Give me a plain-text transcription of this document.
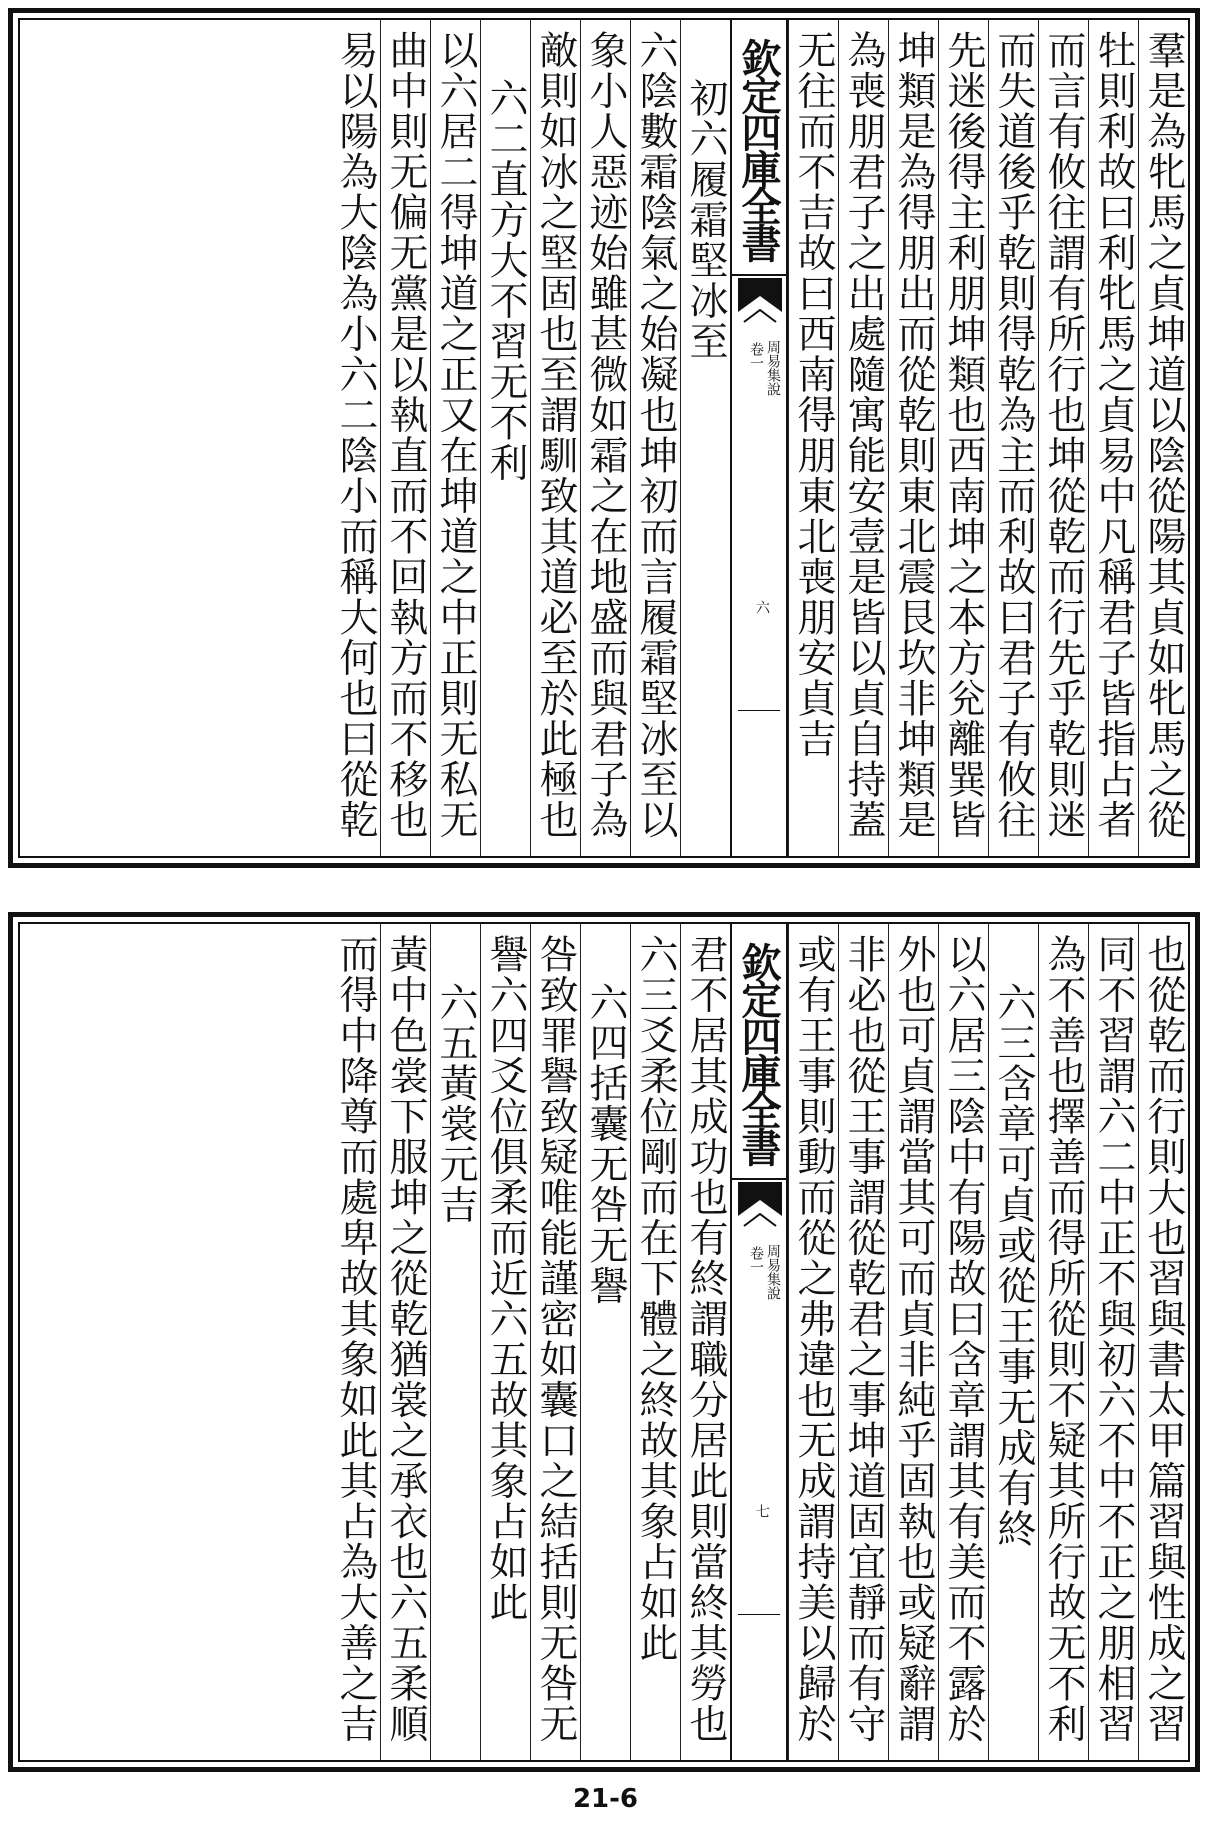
羣是為牝馬之貞坤道以陰從陽其貞如牝馬之從
牡則利故曰利牝馬之貞易中凡稱君子皆指占者
而言有攸往謂有所行也坤從乾而行先乎乾則迷
而失道後乎乾則得乾為主而利故曰君子有攸往
先迷後得主利朋坤類也西南坤之本方兊離巽皆
坤類是為得朋出而從乾則東北震艮坎非坤類是
為喪朋君子之出處隨寓能安壹是皆以貞自持蓋
无往而不吉故曰西南得朋東北喪朋安貞吉
欽定四庫全書
周易集說
卷一
六
初六履霜堅冰至
六陰數霜陰氣之始凝也坤初而言履霜堅冰至以
象小人惡迹始雖甚微如霜之在地盛而與君子為
敵則如冰之堅固也至謂馴致其道必至於此極也
六二直方大不習无不利
以六居二得坤道之正又在坤道之中正則无私无
曲中則无偏无黨是以執直而不回執方而不移也
易以陽為大陰為小六二陰小而稱大何也曰從乾
也從乾而行則大也習與書太甲篇習與性成之習
同不習謂六二中正不與初六不中不正之朋相習
為不善也擇善而得所從則不疑其所行故无不利
六三含章可貞或從王事无成有終
以六居三陰中有陽故曰含章謂其有美而不露於
外也可貞謂當其可而貞非純乎固執也或疑辭謂
非必也從王事謂從乾君之事坤道固宜靜而有守
或有王事則動而從之弗違也无成謂持美以歸於
欽定四庫全書
周易集說
卷一
七
君不居其成功也有終謂職分居此則當終其勞也
六三爻柔位剛而在下體之終故其象占如此
六四括囊无咎无譽
咎致罪譽致疑唯能謹密如囊口之結括則无咎无
譽六四爻位俱柔而近六五故其象占如此
六五黃裳元吉
黃中色裳下服坤之從乾猶裳之承衣也六五柔順
而得中降尊而處卑故其象如此其占為大善之吉
21-6
